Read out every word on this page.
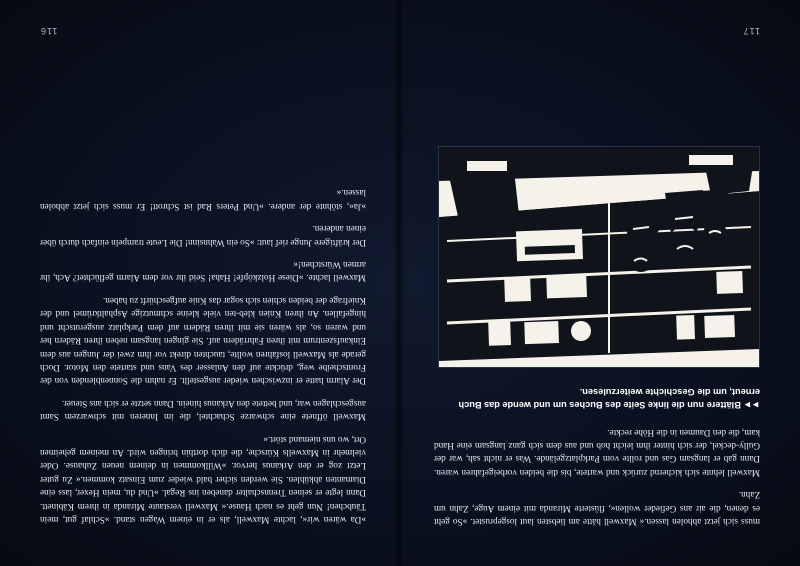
muss sich jetzt abholen lassen.« Maxwell hätte am liebsten laut losgeprustet. »So geht es denen, die air ans Gefieder wollen«, flüsterte Miranda mit einem Auge, Zahn um Zahn.

Maxwell lehnte sich kichernd zurück und wartete, bis die beiden vorbeigefahren waren. Dann gab er langsam Gas und rollte vom Parkplatzgelände. Was er nicht sah, war der Gully-deckel, der sich hinter ihm leicht hob und aus dem sich ganz langsam eine Hand kam, die den Daumen in die Höhe reckte.

►►Blättere nun die linke Seite des Buches um und wende das Buch erneut, um die Geschichte weiterzulesen.
117

»Da wären wir«, lachte Maxwell, als er in einem Wagen stand. »Schlaf gut, mein Täubchen! Nun geht es nach Hause.« Maxwell verstaute Miranda in ihrem Käbinett. Dann legte er seinen Trennschalter daneben ins Regal. »Und du, mein Hexer, lass eine Diamanten abkühlen. Sie werden sicher bald wieder zum Einsatz kommen.« Zu guter Letzt zog er den Arkanus hervor. »Willkommen in deinem neuen Zuhause. Oder vielmehr in Maxwells Kürsche, die dich dorthin bringen wird. An meinem geheimen Ort, wo uns niemand stört.«

Maxwell öffnete eine schwarze Schachtel, die im Inneren mit schwarzem Samt ausgeschlagen war, und bettete den Arkanus hinein. Dann setzte er sich ans Steuer.

Der Alarm hatte er inzwischen wieder ausgestellt. Er nahm die Sonnenblenden von der Frontscheibe weg, drückte auf den Anlasser des Vans und startete den Motor. Doch gerade als Maxwell losfahren wollte, tauchten direkt vor ihm zwei der Jungen aus dem Einkaufszentrum mit ihren Fahrrädern auf. Sie gingen langsam neben ihren Rädern her und waren so, als wären sie mit ihren Rädern auf dem Parkplatz ausgerutscht und hingefallen. An ihren Knien kleb-ten viele kleine schmutzige Asphaltkrümel und der Kniefrage der beiden schien sich sogar das Knie aufgeschürft zu haben.

Maxwell lachte. »Diese Holzköpfe! Haha! Seid ihr vor dem Alarm geflüchtet? Ach, ihr armen Würstchen!«

Der kräftigere Junge rief laut: »So ein Wahnsinn! Die Leute trampeln einfach durch über einen anderen.

»Ja«, stöhnte der andere. »Und Peters Rad ist Schrott! Er muss sich jetzt abholen lassen.«

116
